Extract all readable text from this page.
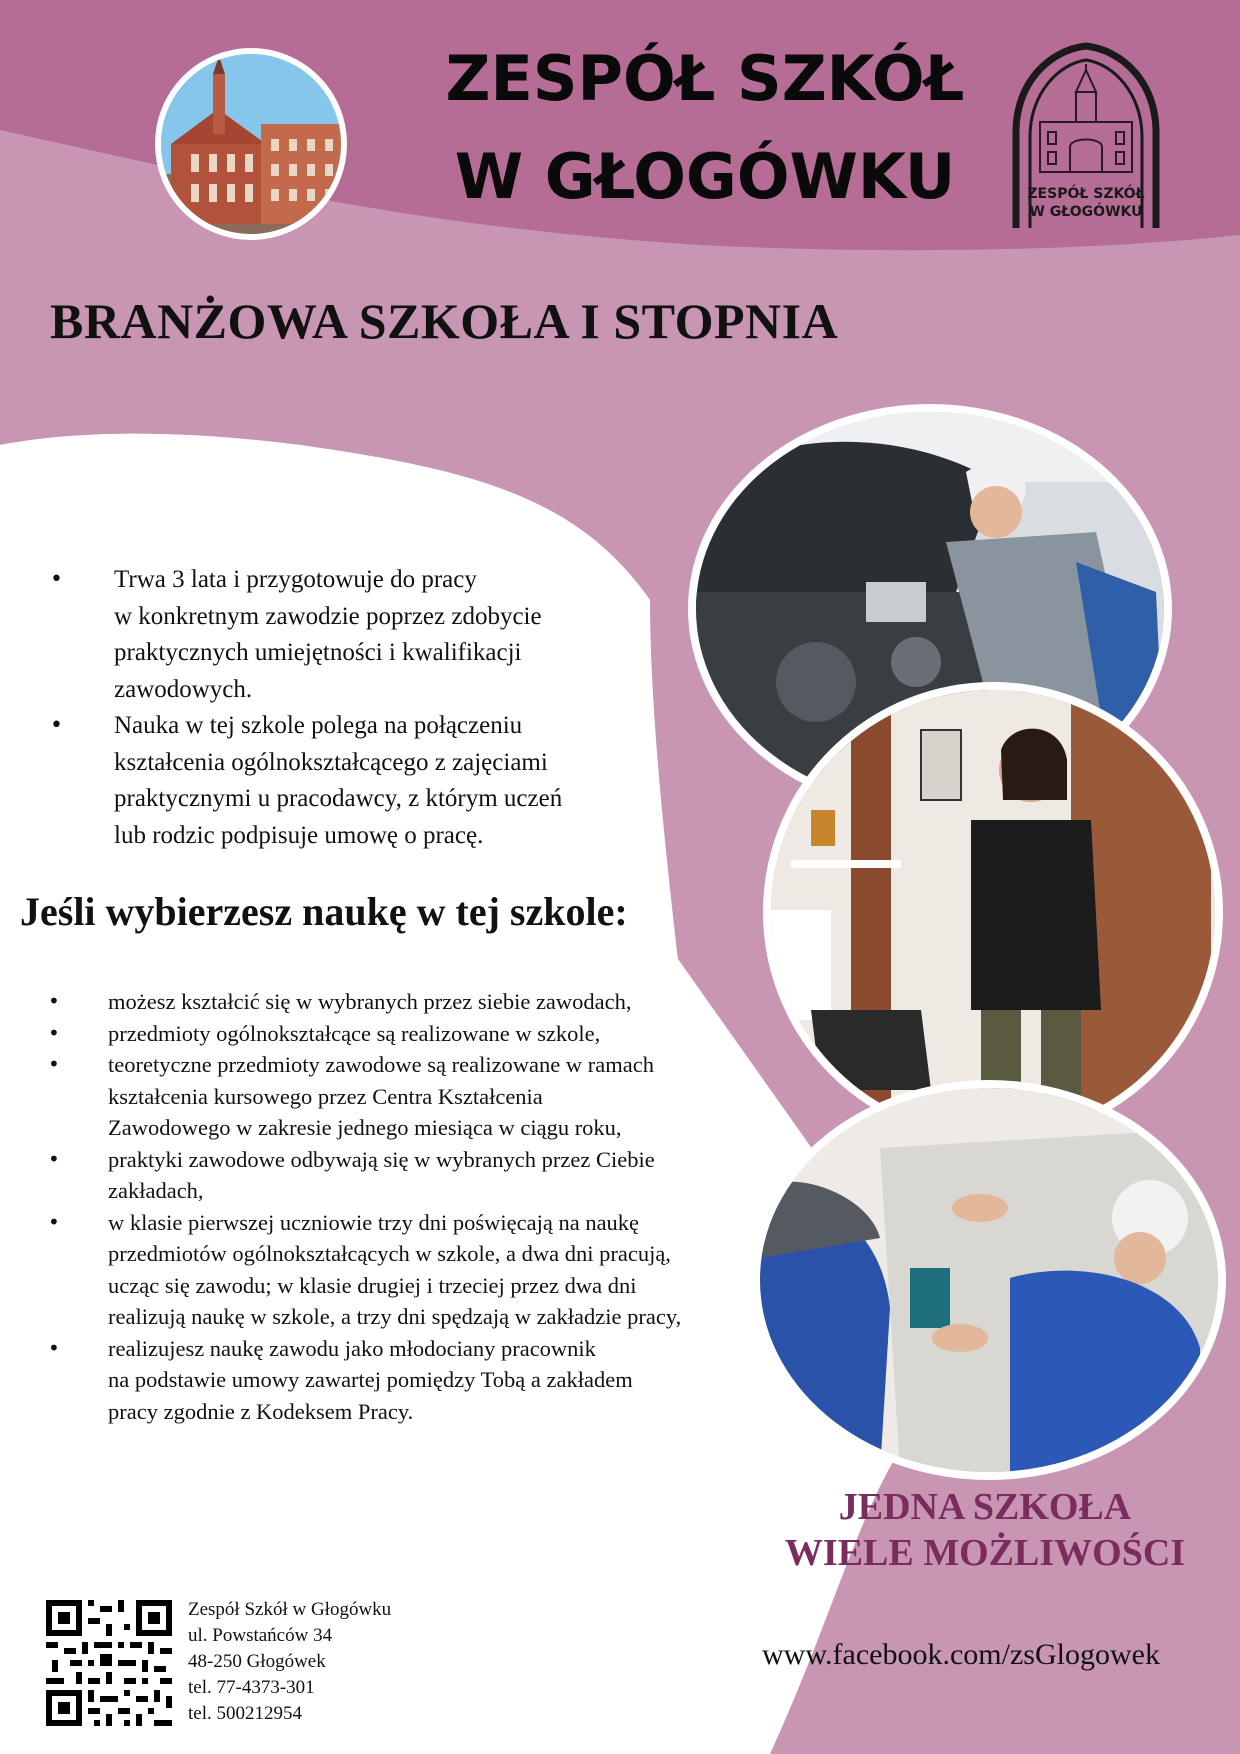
ZESPÓŁ SZKÓŁ
W GŁOGÓWKU	ZESPÓŁ SZKÓŁ
W GŁOGÓWKU
BRANŻOWA SZKOŁA I STOPNIA
• Trwa 3 lata i przygotowuje do pracy
w konkretnym zawodzie poprzez zdobycie
praktycznych umiejętności i kwalifikacji
zawodowych.
• Nauka w tej szkole polega na połączeniu
kształcenia ogólnokształcącego z zajęciami
praktycznymi u pracodawcy, z którym uczeń
lub rodzic podpisuje umowę o pracę.
Jeśli wybierzesz naukę w tej szkole:
• możesz kształcić się w wybranych przez siebie zawodach,
• przedmioty ogólnokształcące są realizowane w szkole,
• teoretyczne przedmioty zawodowe są realizowane w ramach
kształcenia kursowego przez Centra Kształcenia
Zawodowego w zakresie jednego miesiąca w ciągu roku,
• praktyki zawodowe odbywają się w wybranych przez Ciebie
zakładach,
• w klasie pierwszej uczniowie trzy dni poświęcają na naukę
przedmiotów ogólnokształcących w szkole, a dwa dni pracują,
ucząc się zawodu; w klasie drugiej i trzeciej przez dwa dni
realizują naukę w szkole, a trzy dni spędzają w zakładzie pracy,
• realizujesz naukę zawodu jako młodociany pracownik
na podstawie umowy zawartej pomiędzy Tobą a zakładem
pracy zgodnie z Kodeksem Pracy.
JEDNA SZKOŁA
WIELE MOŻLIWOŚCI
Zespół Szkół w Głogówku
ul. Powstańców 34
48-250 Głogówek
tel. 77-4373-301
tel. 500212954
www.facebook.com/zsGlogowek
